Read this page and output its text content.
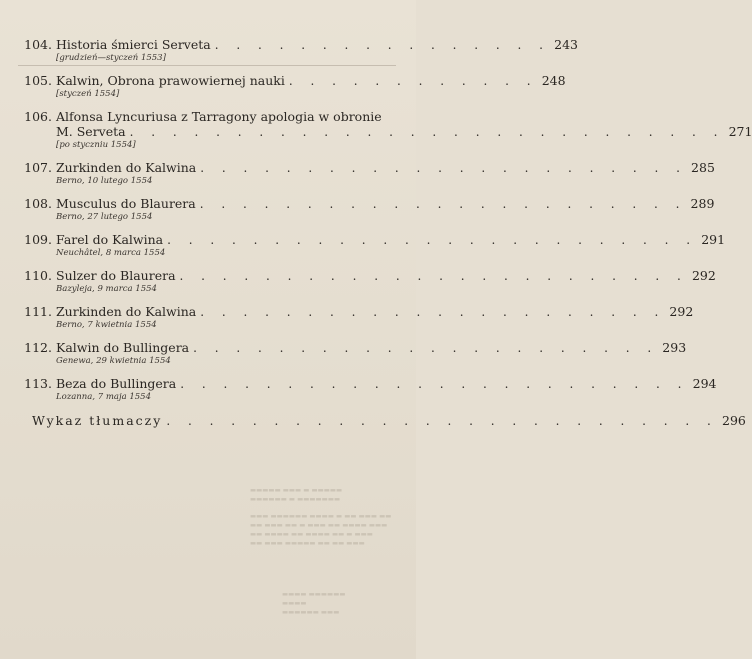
104. Historia śmierci Serveta . . . . . . . . . . . . . . . . 243
[grudzień—styczeń 1553]
105. Kalwin, Obrona prawowiernej nauki . . . . . . . . . . . . 248
[styczeń 1554]
106. Alfonsa Lyncuriusa z Tarragony apologia w obronie
M. Serveta . . . . . . . . . . . . . . . . . . . . . . . . . . . . 271
[po styczniu 1554]
107. Zurkinden do Kalwina . . . . . . . . . . . . . . . . . . . . . . . 285
Berno, 10 lutego 1554
108. Musculus do Blaurera . . . . . . . . . . . . . . . . . . . . . . . 289
Berno, 27 lutego 1554
109. Farel do Kalwina . . . . . . . . . . . . . . . . . . . . . . . . . 291
Neuchâtel, 8 marca 1554
110. Sulzer do Blaurera . . . . . . . . . . . . . . . . . . . . . . . . 292
Bazyleja, 9 marca 1554
111. Zurkinden do Kalwina . . . . . . . . . . . . . . . . . . . . . . 292
Berno, 7 kwietnia 1554
112. Kalwin do Bullingera . . . . . . . . . . . . . . . . . . . . . . 293
Genewa, 29 kwietnia 1554
113. Beza do Bullingera . . . . . . . . . . . . . . . . . . . . . . . . 294
Lozanna, 7 maja 1554
Wykaz tłumaczy . . . . . . . . . . . . . . . . . . . . . . . . . . 296
▬▬▬▬▬ ▬▬▬ ▬ ▬▬▬▬▬
▬▬▬▬▬▬ ▬ ▬▬▬▬▬▬▬
▬▬▬ ▬▬▬▬▬▬ ▬▬▬▬ ▬ ▬▬ ▬▬▬ ▬▬
▬▬ ▬▬▬ ▬▬ ▬ ▬▬▬ ▬▬ ▬▬▬▬ ▬▬▬
▬▬ ▬▬▬▬ ▬▬ ▬▬▬▬ ▬▬ ▬ ▬▬▬
▬▬ ▬▬▬ ▬▬▬▬▬ ▬▬ ▬▬ ▬▬▬
▬▬▬▬ ▬▬▬▬▬▬ ▬▬▬▬
▬▬▬▬▬▬ ▬▬▬
